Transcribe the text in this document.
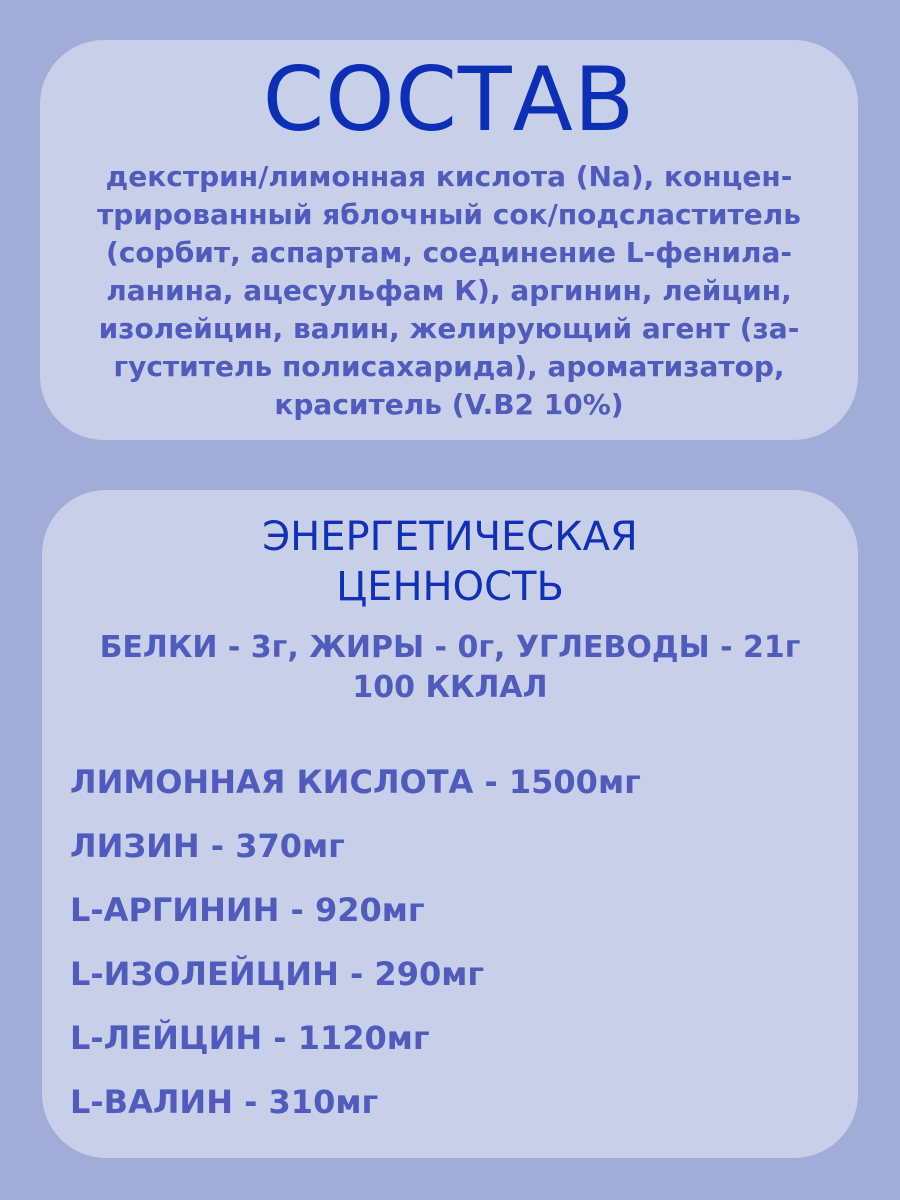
СОСТАВ
декстрин/лимонная кислота (Na), концен-
трированный яблочный сок/подсластитель
(сорбит, аспартам, соединение L-фенила-
ланина, ацесульфам К), аргинин, лейцин,
изолейцин, валин, желирующий агент (за-
густитель полисахарида), ароматизатор,
краситель (V.B2 10%)
ЭНЕРГЕТИЧЕСКАЯ
ЦЕННОСТЬ
БЕЛКИ - 3г, ЖИРЫ - 0г, УГЛЕВОДЫ - 21г
100 ККЛАЛ
ЛИМОННАЯ КИСЛОТА - 1500мг
ЛИЗИН - 370мг
L-АРГИНИН - 920мг
L-ИЗОЛЕЙЦИН - 290мг
L-ЛЕЙЦИН - 1120мг
L-ВАЛИН - 310мг
